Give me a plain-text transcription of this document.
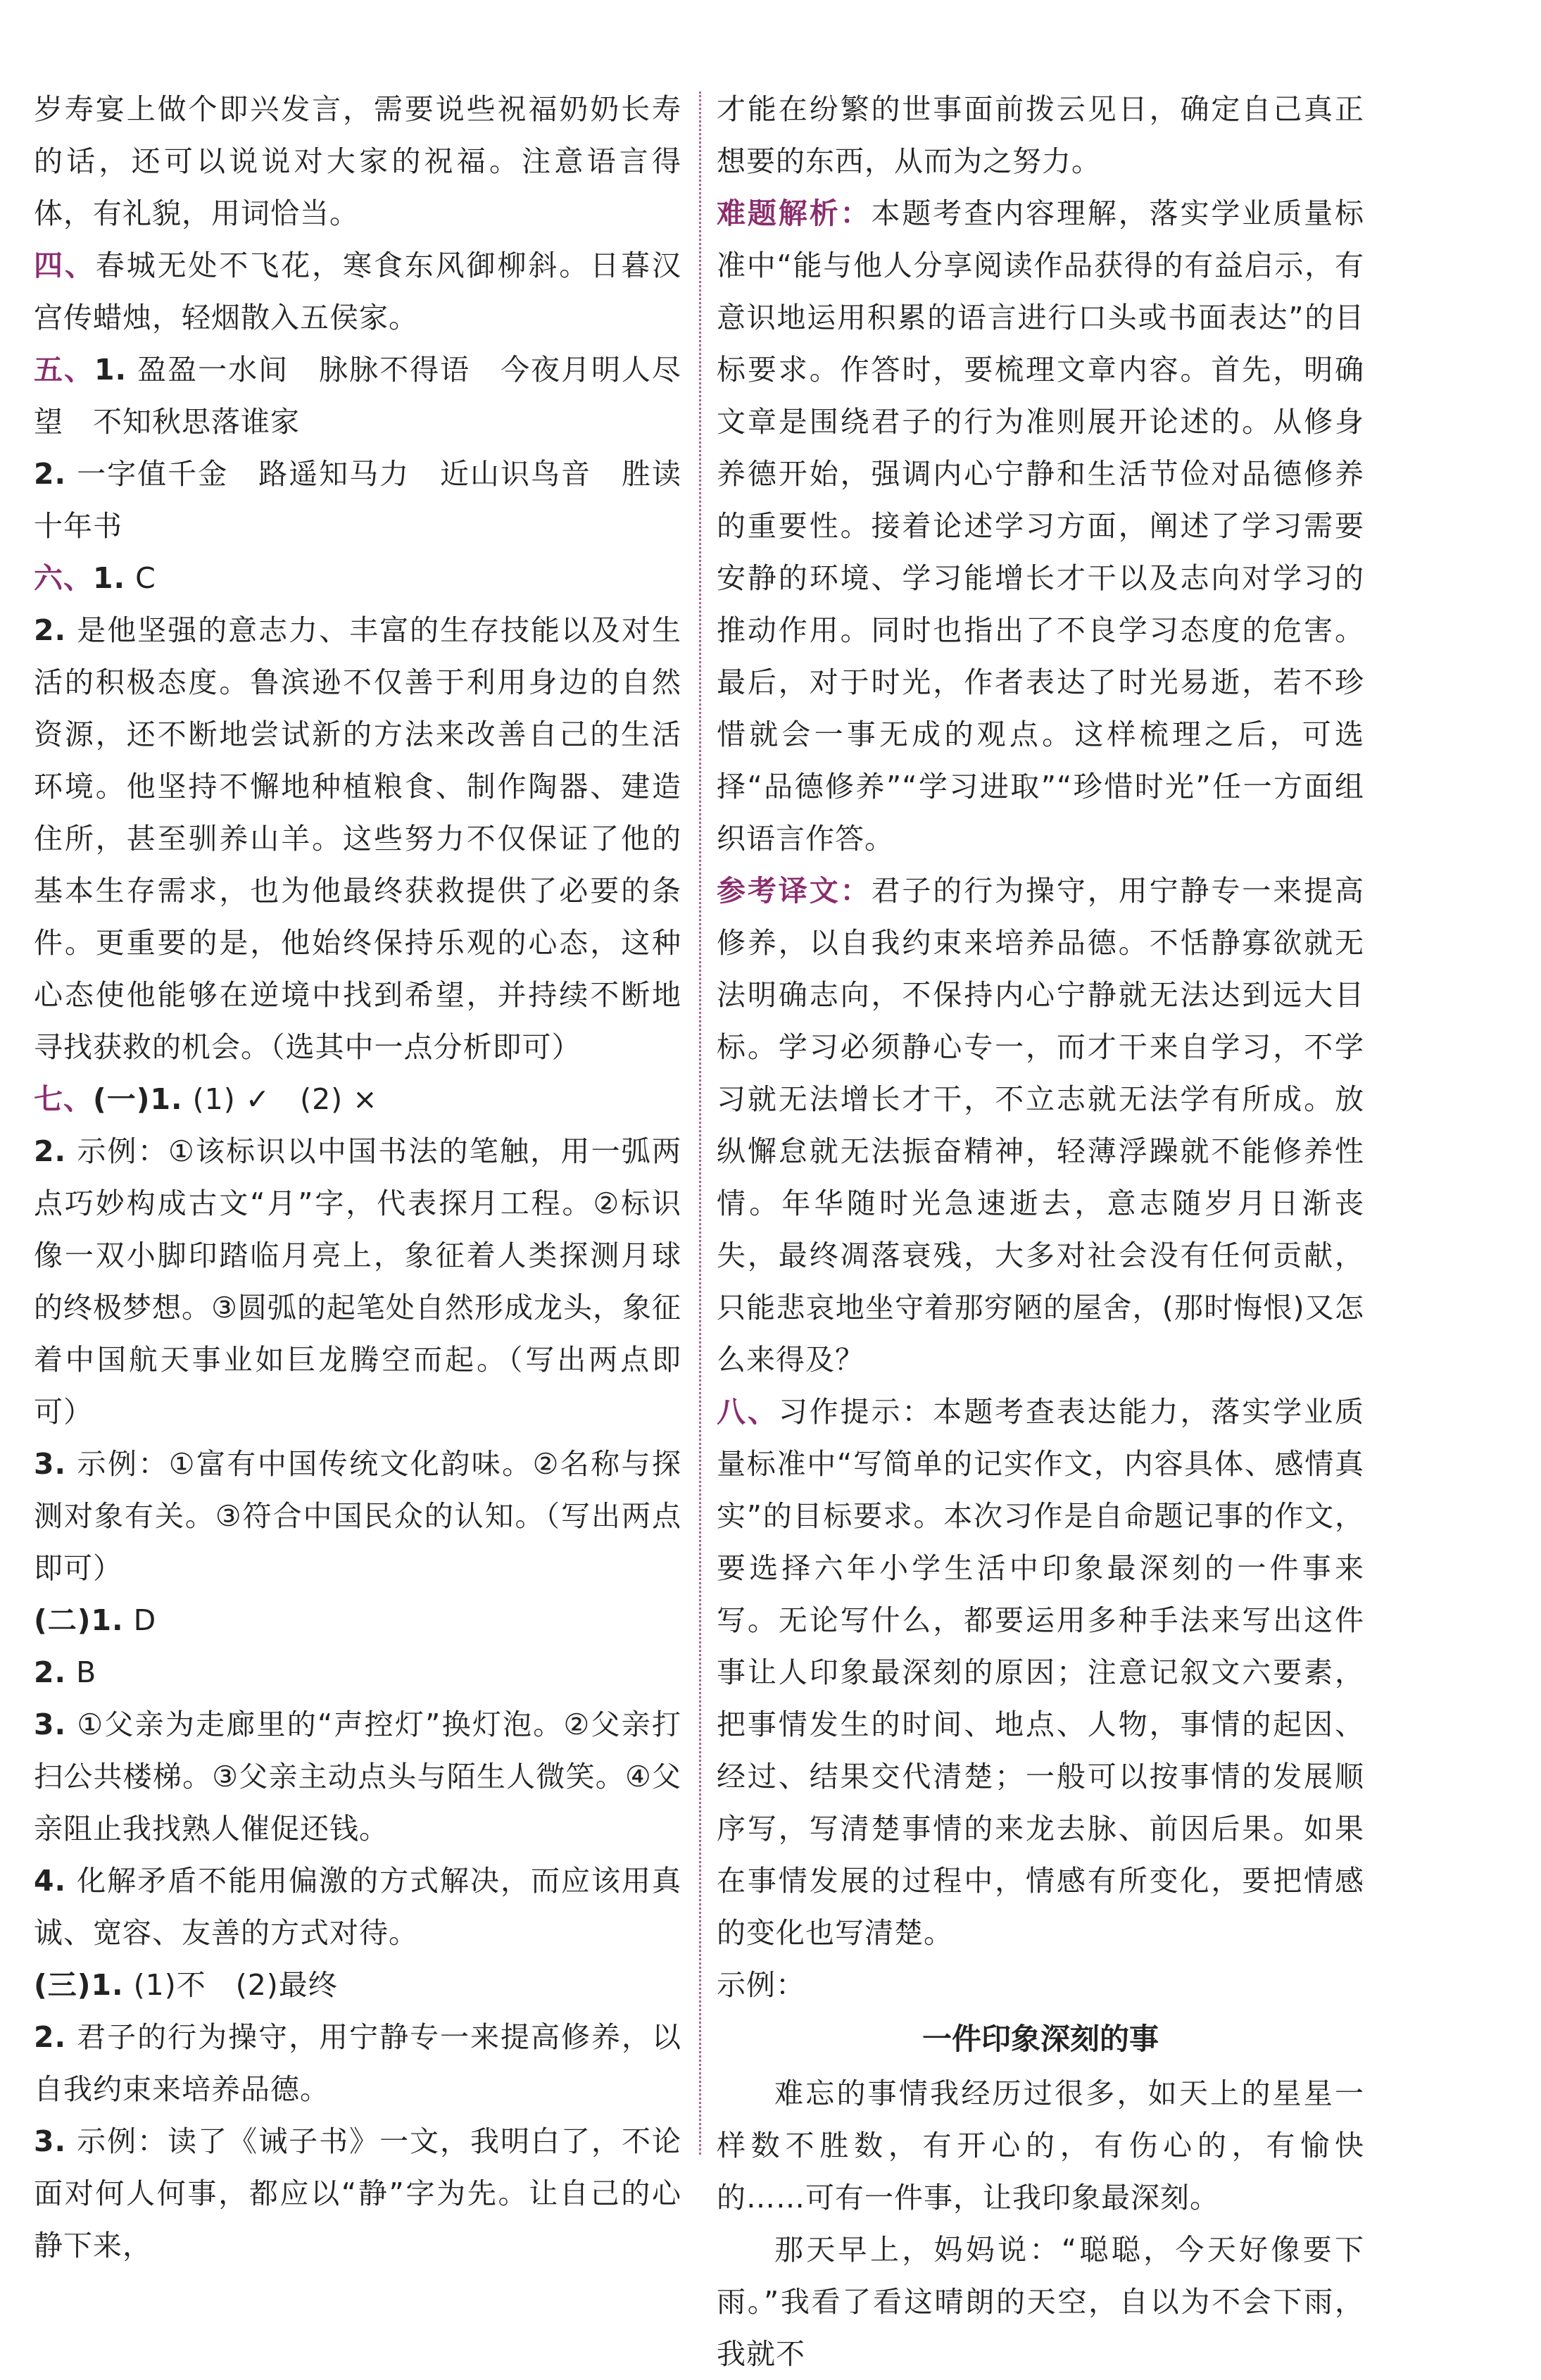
岁寿宴上做个即兴发言，需要说些祝福奶奶长寿的话，还可以说说对大家的祝福。注意语言得体，有礼貌，用词恰当。

四、春城无处不飞花，寒食东风御柳斜。日暮汉宫传蜡烛，轻烟散入五侯家。

五、1. 盈盈一水间　脉脉不得语　今夜月明人尽望　不知秋思落谁家

2. 一字值千金　路遥知马力　近山识鸟音　胜读十年书

六、1. C

2. 是他坚强的意志力、丰富的生存技能以及对生活的积极态度。鲁滨逊不仅善于利用身边的自然资源，还不断地尝试新的方法来改善自己的生活环境。他坚持不懈地种植粮食、制作陶器、建造住所，甚至驯养山羊。这些努力不仅保证了他的基本生存需求，也为他最终获救提供了必要的条件。更重要的是，他始终保持乐观的心态，这种心态使他能够在逆境中找到希望，并持续不断地寻找获救的机会。（选其中一点分析即可）

七、(一)1. (1) ✓　(2) ×

2. 示例：①该标识以中国书法的笔触，用一弧两点巧妙构成古文“月”字，代表探月工程。②标识像一双小脚印踏临月亮上，象征着人类探测月球的终极梦想。③圆弧的起笔处自然形成龙头，象征着中国航天事业如巨龙腾空而起。（写出两点即可）

3. 示例：①富有中国传统文化韵味。②名称与探测对象有关。③符合中国民众的认知。（写出两点即可）

(二)1. D

2. B

3. ①父亲为走廊里的“声控灯”换灯泡。②父亲打扫公共楼梯。③父亲主动点头与陌生人微笑。④父亲阻止我找熟人催促还钱。

4. 化解矛盾不能用偏激的方式解决，而应该用真诚、宽容、友善的方式对待。

(三)1. (1)不　(2)最终

2. 君子的行为操守，用宁静专一来提高修养，以自我约束来培养品德。

3. 示例：读了《诫子书》一文，我明白了，不论面对何人何事，都应以“静”字为先。让自己的心静下来，

才能在纷繁的世事面前拨云见日，确定自己真正想要的东西，从而为之努力。

难题解析：本题考查内容理解，落实学业质量标准中“能与他人分享阅读作品获得的有益启示，有意识地运用积累的语言进行口头或书面表达”的目标要求。作答时，要梳理文章内容。首先，明确文章是围绕君子的行为准则展开论述的。从修身养德开始，强调内心宁静和生活节俭对品德修养的重要性。接着论述学习方面，阐述了学习需要安静的环境、学习能增长才干以及志向对学习的推动作用。同时也指出了不良学习态度的危害。最后，对于时光，作者表达了时光易逝，若不珍惜就会一事无成的观点。这样梳理之后，可选择“品德修养”“学习进取”“珍惜时光”任一方面组织语言作答。

参考译文：君子的行为操守，用宁静专一来提高修养，以自我约束来培养品德。不恬静寡欲就无法明确志向，不保持内心宁静就无法达到远大目标。学习必须静心专一，而才干来自学习，不学习就无法增长才干，不立志就无法学有所成。放纵懈怠就无法振奋精神，轻薄浮躁就不能修养性情。年华随时光急速逝去，意志随岁月日渐丧失，最终凋落衰残，大多对社会没有任何贡献，只能悲哀地坐守着那穷陋的屋舍，(那时悔恨)又怎么来得及？

八、习作提示：本题考查表达能力，落实学业质量标准中“写简单的记实作文，内容具体、感情真实”的目标要求。本次习作是自命题记事的作文，要选择六年小学生活中印象最深刻的一件事来写。无论写什么，都要运用多种手法来写出这件事让人印象最深刻的原因；注意记叙文六要素，把事情发生的时间、地点、人物，事情的起因、经过、结果交代清楚；一般可以按事情的发展顺序写，写清楚事情的来龙去脉、前因后果。如果在事情发展的过程中，情感有所变化，要把情感的变化也写清楚。

示例：

一件印象深刻的事

难忘的事情我经历过很多，如天上的星星一样数不胜数，有开心的，有伤心的，有愉快的……可有一件事，让我印象最深刻。

那天早上，妈妈说：“聪聪，今天好像要下雨。”我看了看这晴朗的天空，自以为不会下雨，我就不
